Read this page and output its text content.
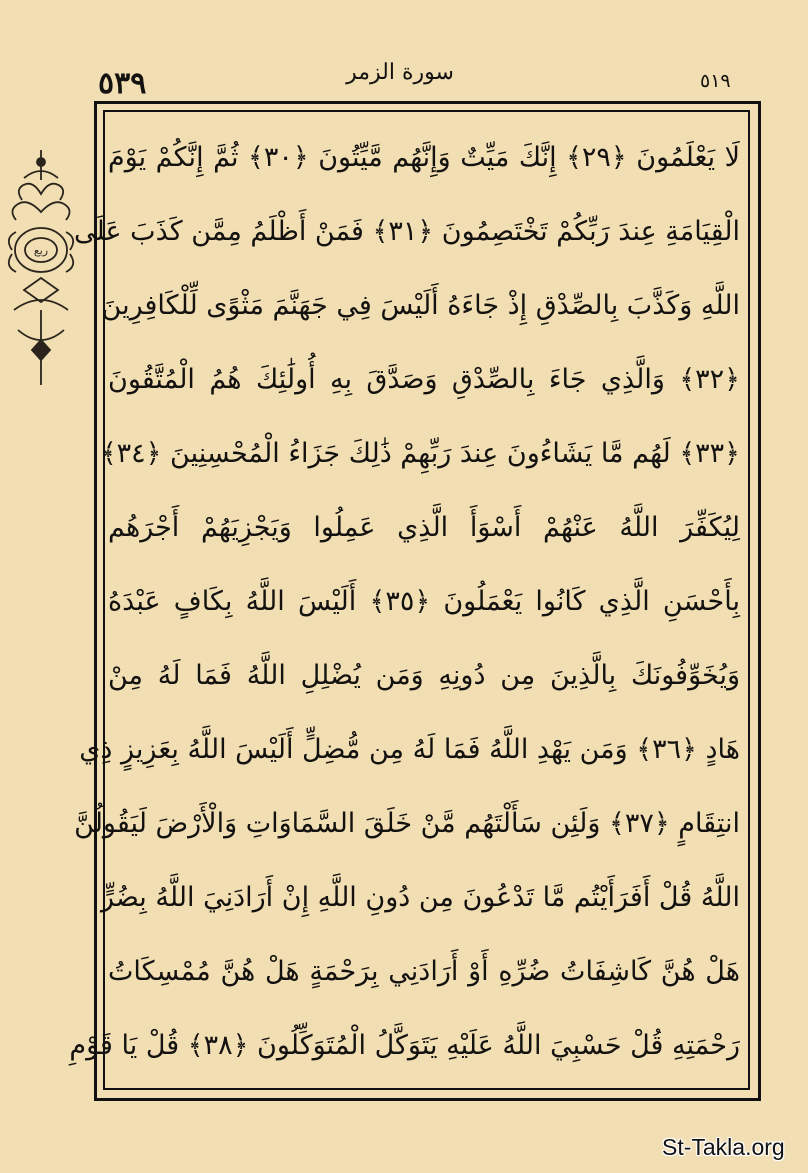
٥٣٩	سورة الزمر	٥١٩
ربع
لَا يَعْلَمُونَ ﴿٢٩﴾ إِنَّكَ مَيِّتٌ وَإِنَّهُم مَّيِّتُونَ ﴿٣٠﴾ ثُمَّ إِنَّكُمْ يَوْمَ
الْقِيَامَةِ عِندَ رَبِّكُمْ تَخْتَصِمُونَ ﴿٣١﴾ فَمَنْ أَظْلَمُ مِمَّن كَذَبَ عَلَى
اللَّهِ وَكَذَّبَ بِالصِّدْقِ إِذْ جَاءَهُ أَلَيْسَ فِي جَهَنَّمَ مَثْوًى لِّلْكَافِرِينَ
﴿٣٢﴾ وَالَّذِي جَاءَ بِالصِّدْقِ وَصَدَّقَ بِهِ أُولَٰئِكَ هُمُ الْمُتَّقُونَ
﴿٣٣﴾ لَهُم مَّا يَشَاءُونَ عِندَ رَبِّهِمْ ذَٰلِكَ جَزَاءُ الْمُحْسِنِينَ ﴿٣٤﴾
لِيُكَفِّرَ اللَّهُ عَنْهُمْ أَسْوَأَ الَّذِي عَمِلُوا وَيَجْزِيَهُمْ أَجْرَهُم
بِأَحْسَنِ الَّذِي كَانُوا يَعْمَلُونَ ﴿٣٥﴾ أَلَيْسَ اللَّهُ بِكَافٍ عَبْدَهُ
وَيُخَوِّفُونَكَ بِالَّذِينَ مِن دُونِهِ وَمَن يُضْلِلِ اللَّهُ فَمَا لَهُ مِنْ
هَادٍ ﴿٣٦﴾ وَمَن يَهْدِ اللَّهُ فَمَا لَهُ مِن مُّضِلٍّ أَلَيْسَ اللَّهُ بِعَزِيزٍ ذِي
انتِقَامٍ ﴿٣٧﴾ وَلَئِن سَأَلْتَهُم مَّنْ خَلَقَ السَّمَاوَاتِ وَالْأَرْضَ لَيَقُولُنَّ
اللَّهُ قُلْ أَفَرَأَيْتُم مَّا تَدْعُونَ مِن دُونِ اللَّهِ إِنْ أَرَادَنِيَ اللَّهُ بِضُرٍّ
هَلْ هُنَّ كَاشِفَاتُ ضُرِّهِ أَوْ أَرَادَنِي بِرَحْمَةٍ هَلْ هُنَّ مُمْسِكَاتُ
رَحْمَتِهِ قُلْ حَسْبِيَ اللَّهُ عَلَيْهِ يَتَوَكَّلُ الْمُتَوَكِّلُونَ ﴿٣٨﴾ قُلْ يَا قَوْمِ
St-Takla.org
